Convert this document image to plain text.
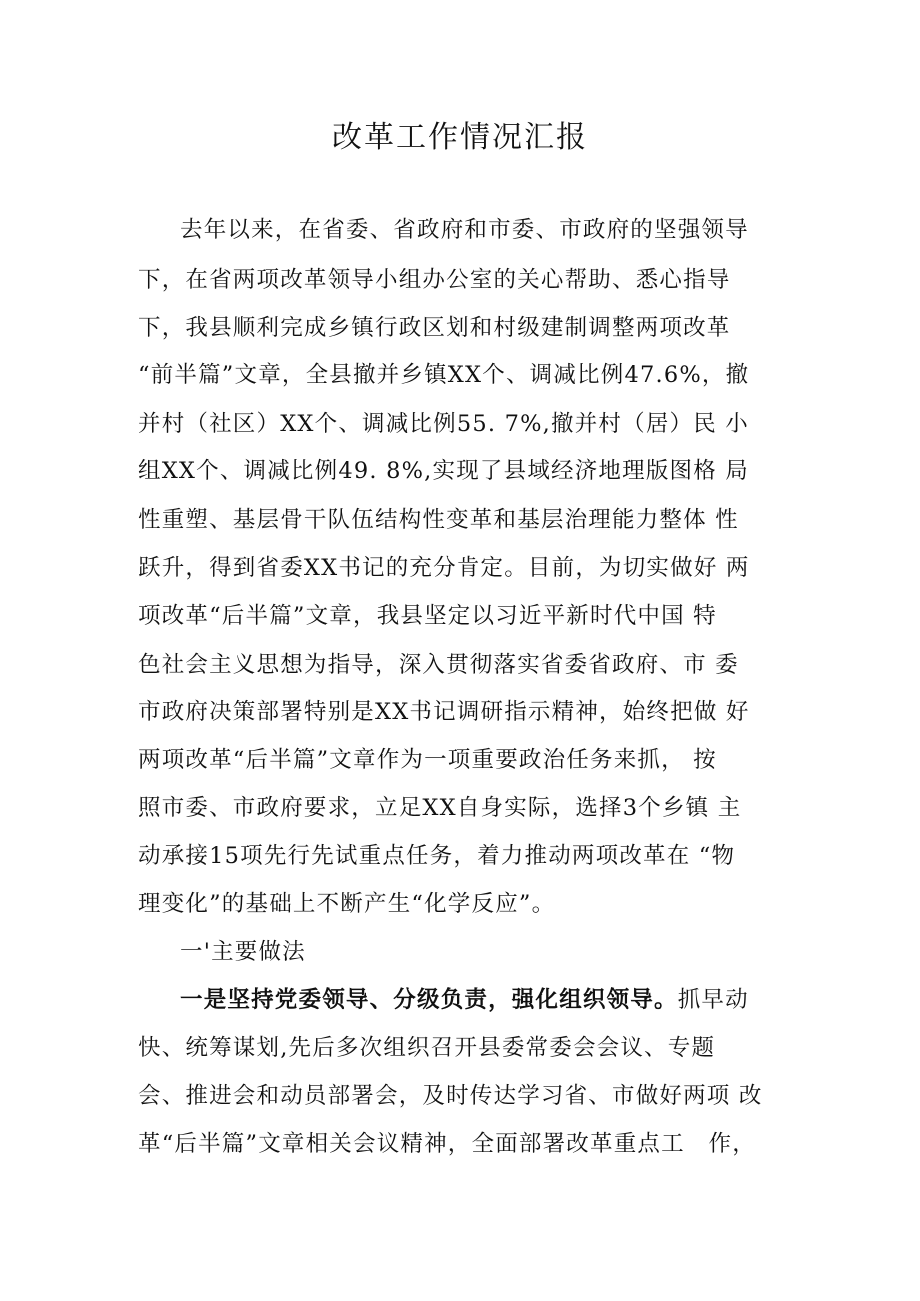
改革工作情况汇报

去年以来，在省委、省政府和市委、市政府的坚强领导

下，在省两项改革领导小组办公室的关心帮助、悉心指导

下，我县顺利完成乡镇行政区划和村级建制调整两项改革

“前半篇”文章，全县撤并乡镇XX个、调减比例47.6%，撤

并村（社区）XX个、调减比例55. 7%,撤并村（居）民 小

组XX个、调减比例49. 8%,实现了县域经济地理版图格 局

性重塑、基层骨干队伍结构性变革和基层治理能力整体 性

跃升，得到省委XX书记的充分肯定。目前，为切实做好 两

项改革“后半篇”文章，我县坚定以习近平新时代中国 特

色社会主义思想为指导，深入贯彻落实省委省政府、市 委

市政府决策部署特别是XX书记调研指示精神，始终把做 好

两项改革“后半篇”文章作为一项重要政治任务来抓， 按

照市委、市政府要求，立足XX自身实际，选择3个乡镇 主

动承接15项先行先试重点任务，着力推动两项改革在 “物

理变化”的基础上不断产生“化学反应”。

一'主要做法

一是坚持党委领导、分级负责，强化组织领导。抓早动

快、统筹谋划,先后多次组织召开县委常委会会议、专题

会、推进会和动员部署会，及时传达学习省、市做好两项 改

革“后半篇”文章相关会议精神，全面部署改革重点工　作，
